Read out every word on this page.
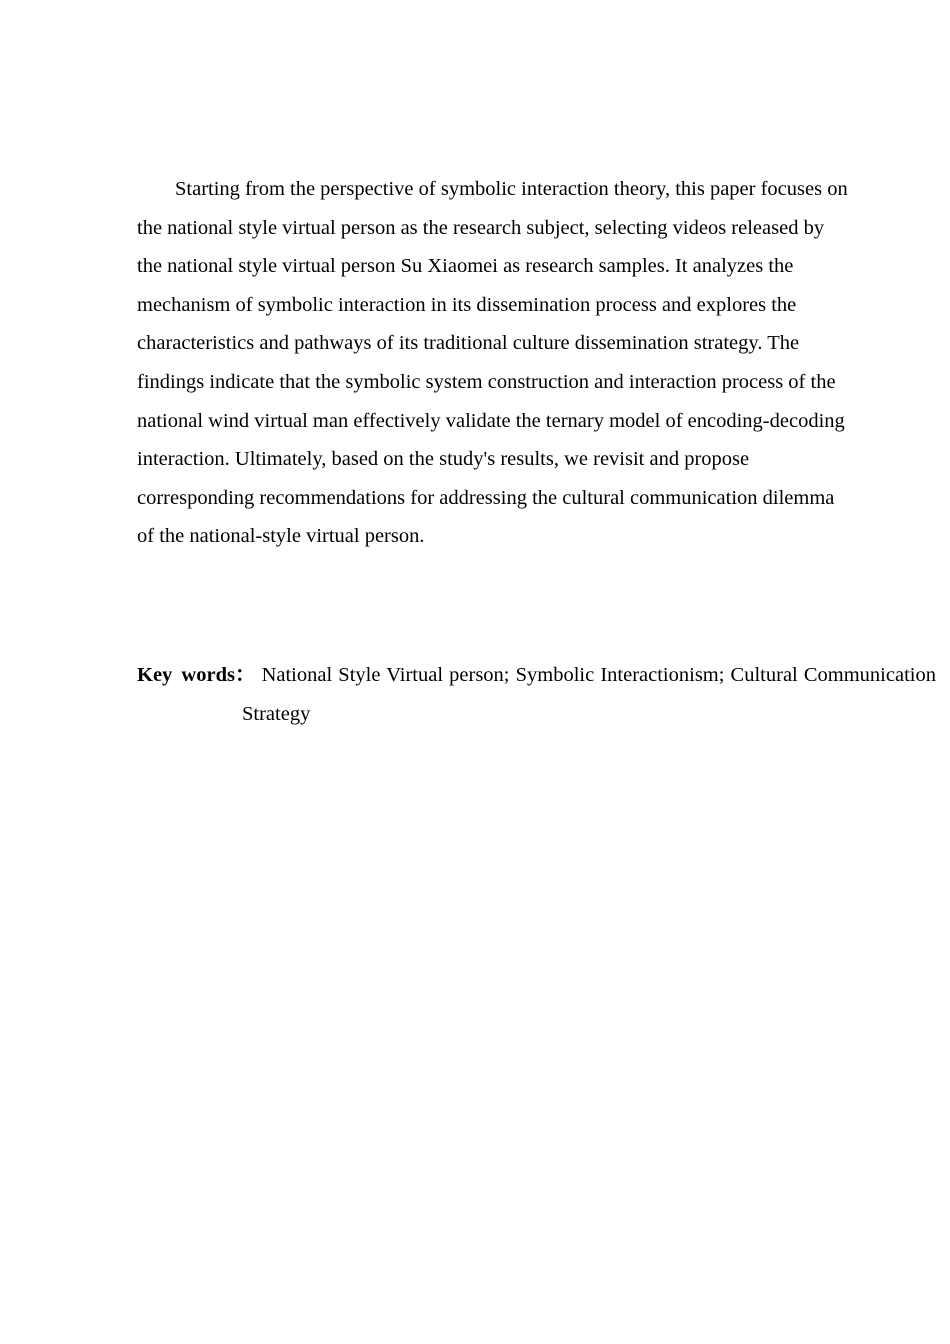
Starting from the perspective of symbolic interaction theory, this paper focuses on the national style virtual person as the research subject, selecting videos released by the national style virtual person Su Xiaomei as research samples. It analyzes the mechanism of symbolic interaction in its dissemination process and explores the characteristics and pathways of its traditional culture dissemination strategy. The findings indicate that the symbolic system construction and interaction process of the national wind virtual man effectively validate the ternary model of encoding-decoding interaction. Ultimately, based on the study's results, we revisit and propose corresponding recommendations for addressing the cultural communication dilemma of the national-style virtual person.

Key words： National Style Virtual person; Symbolic Interactionism; Cultural Communication Strategy
